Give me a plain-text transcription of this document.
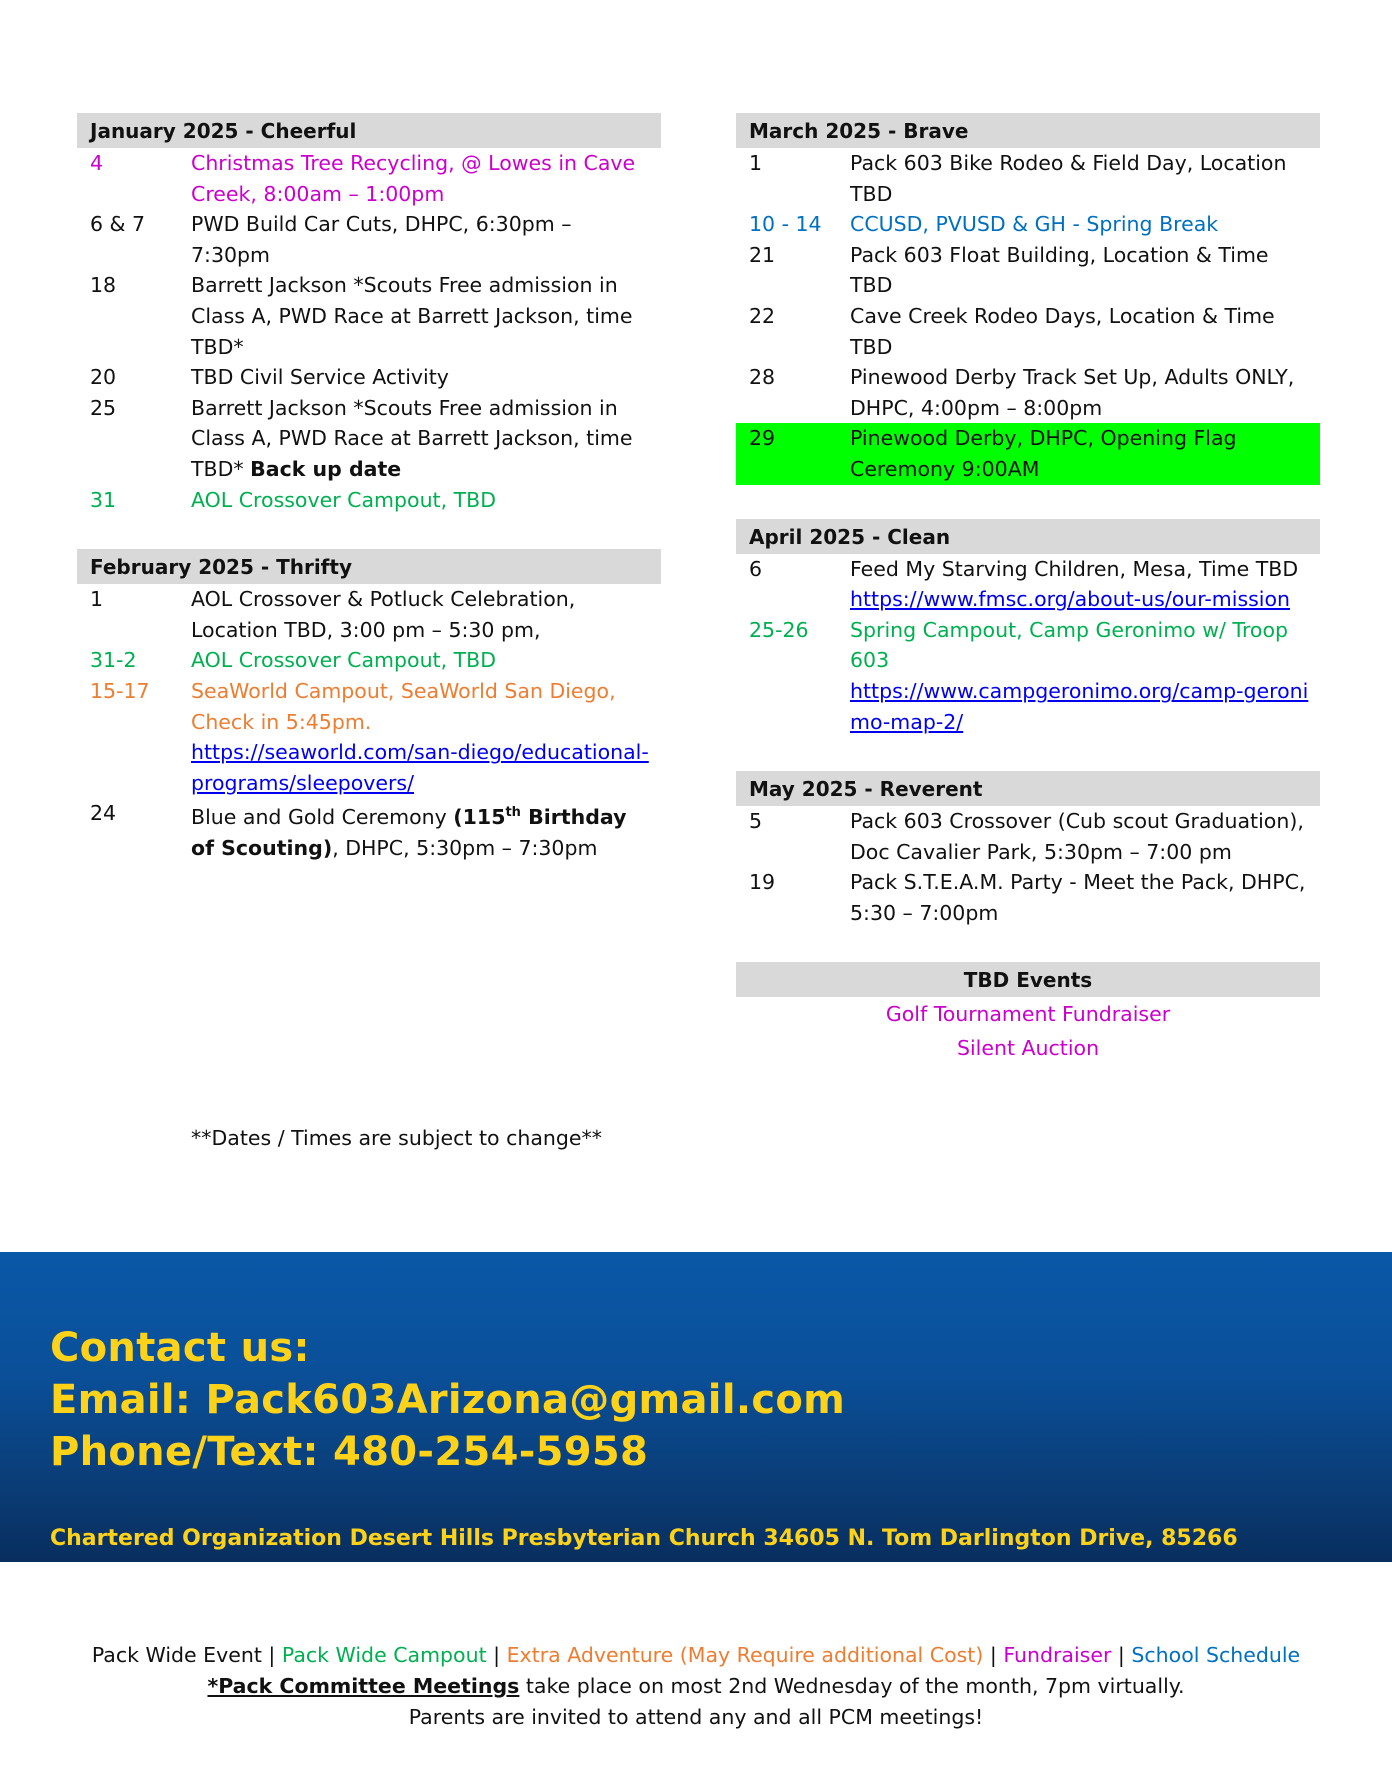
January 2025 - Cheerful
4	Christmas Tree Recycling, @ Lowes in Cave Creek, 8:00am – 1:00pm
6 & 7	PWD Build Car Cuts, DHPC, 6:30pm – 7:30pm
18	Barrett Jackson *Scouts Free admission in Class A, PWD Race at Barrett Jackson, time TBD*
20	TBD Civil Service Activity
25	Barrett Jackson *Scouts Free admission in Class A, PWD Race at Barrett Jackson, time TBD* Back up date
31	AOL Crossover Campout, TBD
February 2025 - Thrifty
1	AOL Crossover & Potluck Celebration, Location TBD, 3:00 pm – 5:30 pm,
31-2	AOL Crossover Campout, TBD
15-17	SeaWorld Campout, SeaWorld San Diego, Check in 5:45pm.
https://seaworld.com/san-diego/educational-programs/sleepovers/
24	Blue and Gold Ceremony (115th Birthday of Scouting), DHPC, 5:30pm – 7:30pm
March 2025 - Brave
1	Pack 603 Bike Rodeo & Field Day, Location TBD
10 - 14	CCUSD, PVUSD & GH - Spring Break
21	Pack 603 Float Building, Location & Time TBD
22	Cave Creek Rodeo Days, Location & Time TBD
28	Pinewood Derby Track Set Up, Adults ONLY, DHPC, 4:00pm – 8:00pm
29	Pinewood Derby, DHPC, Opening Flag Ceremony 9:00AM
April 2025 - Clean
6	Feed My Starving Children, Mesa, Time TBD
https://www.fmsc.org/about-us/our-mission
25-26	Spring Campout, Camp Geronimo w/ Troop 603
https://www.campgeronimo.org/camp-geronimo-map-2/
May 2025 - Reverent
5	Pack 603 Crossover (Cub scout Graduation), Doc Cavalier Park, 5:30pm – 7:00 pm
19	Pack S.T.E.A.M. Party - Meet the Pack, DHPC, 5:30 – 7:00pm
TBD Events
Golf Tournament Fundraiser
Silent Auction
**Dates / Times are subject to change**
Contact us:
Email: Pack603Arizona@gmail.com
Phone/Text: 480-254-5958
Chartered Organization Desert Hills Presbyterian Church 34605 N. Tom Darlington Drive, 85266
Pack Wide Event | Pack Wide Campout | Extra Adventure (May Require additional Cost) | Fundraiser | School Schedule
*Pack Committee Meetings take place on most 2nd Wednesday of the month, 7pm virtually.
Parents are invited to attend any and all PCM meetings!
